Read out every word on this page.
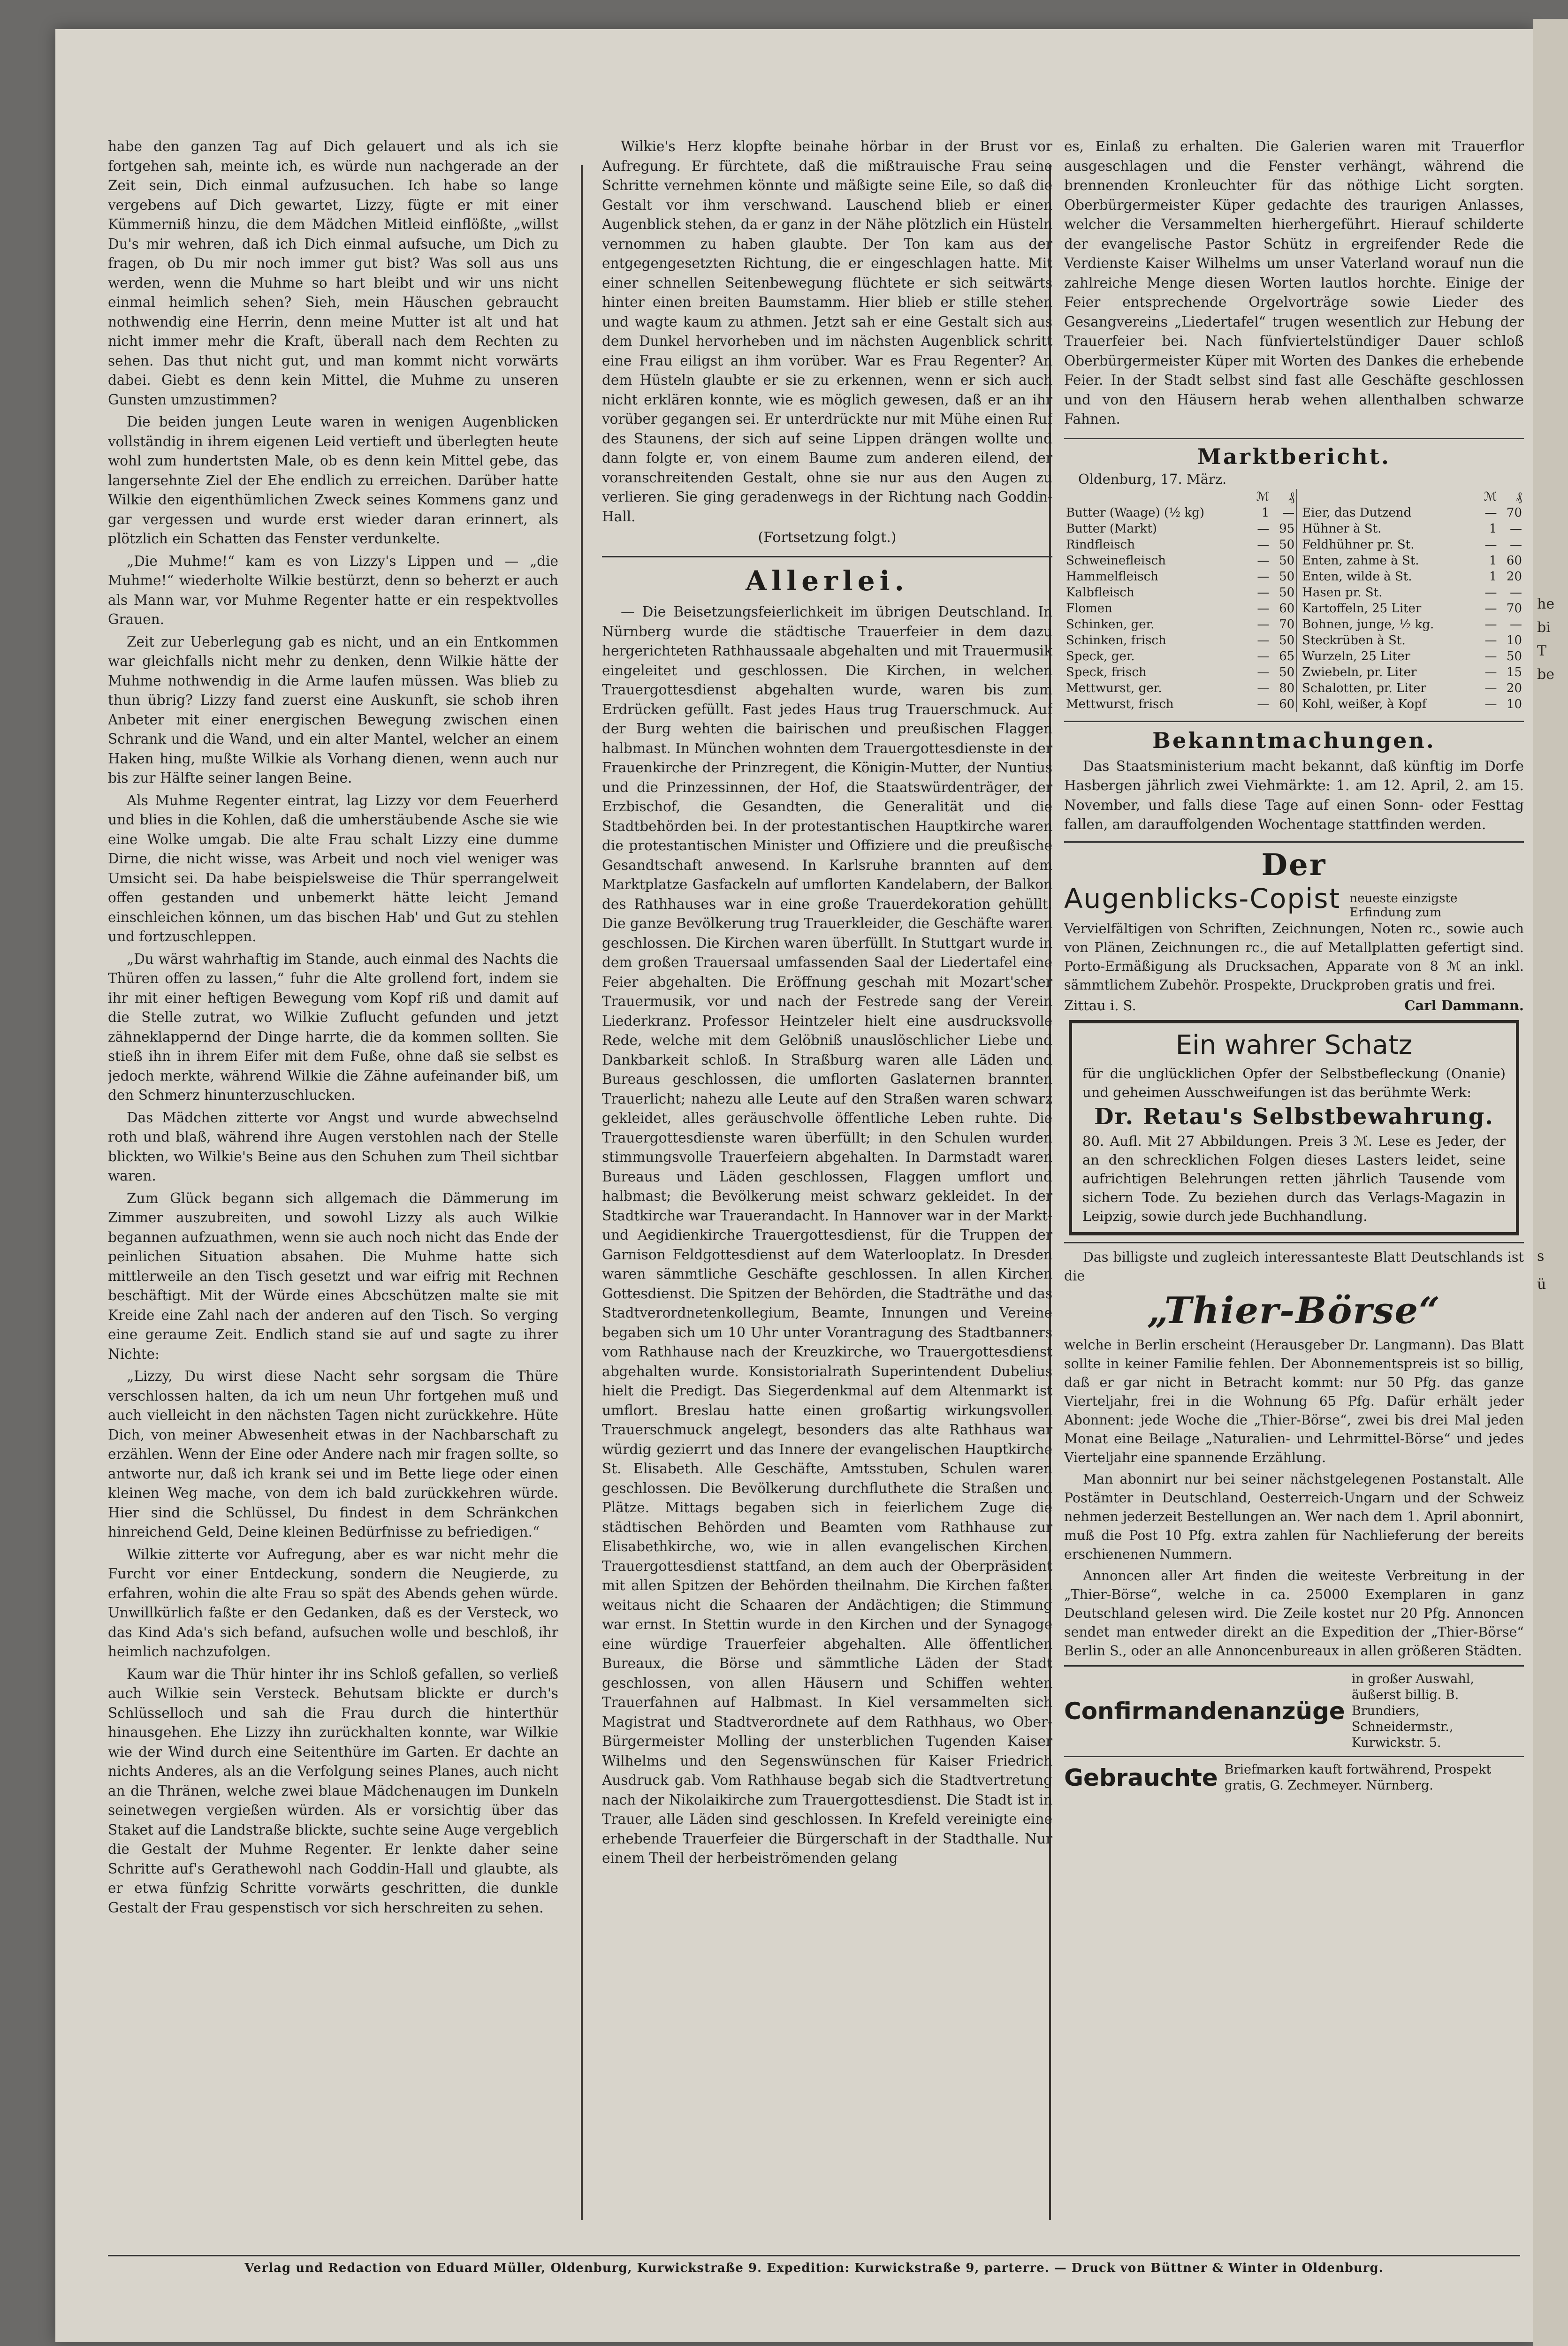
habe den ganzen Tag auf Dich gelauert und als ich sie fortgehen sah, meinte ich, es würde nun nachgerade an der Zeit sein, Dich einmal aufzusuchen. Ich habe so lange vergebens auf Dich gewartet, Lizzy, fügte er mit einer Kümmerniß hinzu, die dem Mädchen Mitleid einflößte, „willst Du's mir wehren, daß ich Dich einmal aufsuche, um Dich zu fragen, ob Du mir noch immer gut bist? Was soll aus uns werden, wenn die Muhme so hart bleibt und wir uns nicht einmal heimlich sehen? Sieh, mein Häuschen gebraucht nothwendig eine Herrin, denn meine Mutter ist alt und hat nicht immer mehr die Kraft, überall nach dem Rechten zu sehen. Das thut nicht gut, und man kommt nicht vorwärts dabei. Giebt es denn kein Mittel, die Muhme zu unseren Gunsten umzustimmen?

Die beiden jungen Leute waren in wenigen Augenblicken vollständig in ihrem eigenen Leid vertieft und überlegten heute wohl zum hundertsten Male, ob es denn kein Mittel gebe, das langersehnte Ziel der Ehe endlich zu erreichen. Darüber hatte Wilkie den eigenthümlichen Zweck seines Kommens ganz und gar vergessen und wurde erst wieder daran erinnert, als plötzlich ein Schatten das Fenster verdunkelte.

„Die Muhme!“ kam es von Lizzy's Lippen und — „die Muhme!“ wiederholte Wilkie bestürzt, denn so beherzt er auch als Mann war, vor Muhme Regenter hatte er ein respektvolles Grauen.

Zeit zur Ueberlegung gab es nicht, und an ein Entkommen war gleichfalls nicht mehr zu denken, denn Wilkie hätte der Muhme nothwendig in die Arme laufen müssen. Was blieb zu thun übrig? Lizzy fand zuerst eine Auskunft, sie schob ihren Anbeter mit einer energischen Bewegung zwischen einen Schrank und die Wand, und ein alter Mantel, welcher an einem Haken hing, mußte Wilkie als Vorhang dienen, wenn auch nur bis zur Hälfte seiner langen Beine.

Als Muhme Regenter eintrat, lag Lizzy vor dem Feuerherd und blies in die Kohlen, daß die umherstäubende Asche sie wie eine Wolke umgab. Die alte Frau schalt Lizzy eine dumme Dirne, die nicht wisse, was Arbeit und noch viel weniger was Umsicht sei. Da habe beispielsweise die Thür sperrangelweit offen gestanden und unbemerkt hätte leicht Jemand einschleichen können, um das bischen Hab' und Gut zu stehlen und fortzuschleppen.

„Du wärst wahrhaftig im Stande, auch einmal des Nachts die Thüren offen zu lassen,“ fuhr die Alte grollend fort, indem sie ihr mit einer heftigen Bewegung vom Kopf riß und damit auf die Stelle zutrat, wo Wilkie Zuflucht gefunden und jetzt zähneklappernd der Dinge harrte, die da kommen sollten. Sie stieß ihn in ihrem Eifer mit dem Fuße, ohne daß sie selbst es jedoch merkte, während Wilkie die Zähne aufeinander biß, um den Schmerz hinunterzuschlucken.

Das Mädchen zitterte vor Angst und wurde abwechselnd roth und blaß, während ihre Augen verstohlen nach der Stelle blickten, wo Wilkie's Beine aus den Schuhen zum Theil sichtbar waren.

Zum Glück begann sich allgemach die Dämmerung im Zimmer auszubreiten, und sowohl Lizzy als auch Wilkie begannen aufzuathmen, wenn sie auch noch nicht das Ende der peinlichen Situation absahen. Die Muhme hatte sich mittlerweile an den Tisch gesetzt und war eifrig mit Rechnen beschäftigt. Mit der Würde eines Abcschützen malte sie mit Kreide eine Zahl nach der anderen auf den Tisch. So verging eine geraume Zeit. Endlich stand sie auf und sagte zu ihrer Nichte:

„Lizzy, Du wirst diese Nacht sehr sorgsam die Thüre verschlossen halten, da ich um neun Uhr fortgehen muß und auch vielleicht in den nächsten Tagen nicht zurückkehre. Hüte Dich, von meiner Abwesenheit etwas in der Nachbarschaft zu erzählen. Wenn der Eine oder Andere nach mir fragen sollte, so antworte nur, daß ich krank sei und im Bette liege oder einen kleinen Weg mache, von dem ich bald zurückkehren würde. Hier sind die Schlüssel, Du findest in dem Schränkchen hinreichend Geld, Deine kleinen Bedürfnisse zu befriedigen.“

Wilkie zitterte vor Aufregung, aber es war nicht mehr die Furcht vor einer Entdeckung, sondern die Neugierde, zu erfahren, wohin die alte Frau so spät des Abends gehen würde. Unwillkürlich faßte er den Gedanken, daß es der Versteck, wo das Kind Ada's sich befand, aufsuchen wolle und beschloß, ihr heimlich nachzufolgen.

Kaum war die Thür hinter ihr ins Schloß gefallen, so verließ auch Wilkie sein Versteck. Behutsam blickte er durch's Schlüsselloch und sah die Frau durch die hinterthür hinausgehen. Ehe Lizzy ihn zurückhalten konnte, war Wilkie wie der Wind durch eine Seitenthüre im Garten. Er dachte an nichts Anderes, als an die Verfolgung seines Planes, auch nicht an die Thränen, welche zwei blaue Mädchenaugen im Dunkeln seinetwegen vergießen würden. Als er vorsichtig über das Staket auf die Landstraße blickte, suchte seine Auge vergeblich die Gestalt der Muhme Regenter. Er lenkte daher seine Schritte auf's Gerathewohl nach Goddin-Hall und glaubte, als er etwa fünfzig Schritte vorwärts geschritten, die dunkle Gestalt der Frau gespenstisch vor sich herschreiten zu sehen.

Wilkie's Herz klopfte beinahe hörbar in der Brust vor Aufregung. Er fürchtete, daß die mißtrauische Frau seine Schritte vernehmen könnte und mäßigte seine Eile, so daß die Gestalt vor ihm verschwand. Lauschend blieb er einen Augenblick stehen, da er ganz in der Nähe plötzlich ein Hüsteln vernommen zu haben glaubte. Der Ton kam aus der entgegengesetzten Richtung, die er eingeschlagen hatte. Mit einer schnellen Seitenbewegung flüchtete er sich seitwärts hinter einen breiten Baumstamm. Hier blieb er stille stehen und wagte kaum zu athmen. Jetzt sah er eine Gestalt sich aus dem Dunkel hervorheben und im nächsten Augenblick schritt eine Frau eiligst an ihm vorüber. War es Frau Regenter? An dem Hüsteln glaubte er sie zu erkennen, wenn er sich auch nicht erklären konnte, wie es möglich gewesen, daß er an ihr vorüber gegangen sei. Er unterdrückte nur mit Mühe einen Ruf des Staunens, der sich auf seine Lippen drängen wollte und dann folgte er, von einem Baume zum anderen eilend, der voranschreitenden Gestalt, ohne sie nur aus den Augen zu verlieren. Sie ging geradenwegs in der Richtung nach Goddin-Hall.

(Fortsetzung folgt.)
Allerlei.

— Die Beisetzungsfeierlichkeit im übrigen Deutschland. In Nürnberg wurde die städtische Trauerfeier in dem dazu hergerichteten Rathhaussaale abgehalten und mit Trauermusik eingeleitet und geschlossen. Die Kirchen, in welchen Trauergottesdienst abgehalten wurde, waren bis zum Erdrücken gefüllt. Fast jedes Haus trug Trauerschmuck. Auf der Burg wehten die bairischen und preußischen Flaggen halbmast. In München wohnten dem Trauergottesdienste in der Frauenkirche der Prinzregent, die Königin-Mutter, der Nuntius und die Prinzessinnen, der Hof, die Staatswürdenträger, der Erzbischof, die Gesandten, die Generalität und die Stadtbehörden bei. In der protestantischen Hauptkirche waren die protestantischen Minister und Offiziere und die preußische Gesandtschaft anwesend. In Karlsruhe brannten auf dem Marktplatze Gasfackeln auf umflorten Kandelabern, der Balkon des Rathhauses war in eine große Trauerdekoration gehüllt. Die ganze Bevölkerung trug Trauerkleider, die Geschäfte waren geschlossen. Die Kirchen waren überfüllt. In Stuttgart wurde in dem großen Trauersaal umfassenden Saal der Liedertafel eine Feier abgehalten. Die Eröffnung geschah mit Mozart'scher Trauermusik, vor und nach der Festrede sang der Verein Liederkranz. Professor Heintzeler hielt eine ausdrucksvolle Rede, welche mit dem Gelöbniß unauslöschlicher Liebe und Dankbarkeit schloß. In Straßburg waren alle Läden und Bureaus geschlossen, die umflorten Gaslaternen brannten Trauerlicht; nahezu alle Leute auf den Straßen waren schwarz gekleidet, alles geräuschvolle öffentliche Leben ruhte. Die Trauergottesdienste waren überfüllt; in den Schulen wurden stimmungsvolle Trauerfeiern abgehalten. In Darmstadt waren Bureaus und Läden geschlossen, Flaggen umflort und halbmast; die Bevölkerung meist schwarz gekleidet. In der Stadtkirche war Trauerandacht. In Hannover war in der Markt- und Aegidienkirche Trauergottesdienst, für die Truppen der Garnison Feldgottesdienst auf dem Waterlooplatz. In Dresden waren sämmtliche Geschäfte geschlossen. In allen Kirchen Gottesdienst. Die Spitzen der Behörden, die Stadträthe und das Stadtverordnetenkollegium, Beamte, Innungen und Vereine begaben sich um 10 Uhr unter Vorantragung des Stadtbanners vom Rathhause nach der Kreuzkirche, wo Trauergottesdienst abgehalten wurde. Konsistorialrath Superintendent Dubelius hielt die Predigt. Das Siegerdenkmal auf dem Altenmarkt ist umflort. Breslau hatte einen großartig wirkungsvollen Trauerschmuck angelegt, besonders das alte Rathhaus war würdig gezierrt und das Innere der evangelischen Hauptkirche St. Elisabeth. Alle Geschäfte, Amtsstuben, Schulen waren geschlossen. Die Bevölkerung durchfluthete die Straßen und Plätze. Mittags begaben sich in feierlichem Zuge die städtischen Behörden und Beamten vom Rathhause zur Elisabethkirche, wo, wie in allen evangelischen Kirchen, Trauergottesdienst stattfand, an dem auch der Oberpräsident mit allen Spitzen der Behörden theilnahm. Die Kirchen faßten weitaus nicht die Schaaren der Andächtigen; die Stimmung war ernst. In Stettin wurde in den Kirchen und der Synagoge eine würdige Trauerfeier abgehalten. Alle öffentlichen Bureaux, die Börse und sämmtliche Läden der Stadt geschlossen, von allen Häusern und Schiffen wehten Trauerfahnen auf Halbmast. In Kiel versammelten sich Magistrat und Stadtverordnete auf dem Rathhaus, wo Ober-Bürgermeister Molling der unsterblichen Tugenden Kaiser Wilhelms und den Segenswünschen für Kaiser Friedrich Ausdruck gab. Vom Rathhause begab sich die Stadtvertretung nach der Nikolaikirche zum Trauergottesdienst. Die Stadt ist in Trauer, alle Läden sind geschlossen. In Krefeld vereinigte eine erhebende Trauerfeier die Bürgerschaft in der Stadthalle. Nur einem Theil der herbeiströmenden gelang

es, Einlaß zu erhalten. Die Galerien waren mit Trauerflor ausgeschlagen und die Fenster verhängt, während die brennenden Kronleuchter für das nöthige Licht sorgten. Oberbürgermeister Küper gedachte des traurigen Anlasses, welcher die Versammelten hierhergeführt. Hierauf schilderte der evangelische Pastor Schütz in ergreifender Rede die Verdienste Kaiser Wilhelms um unser Vaterland worauf nun die zahlreiche Menge diesen Worten lautlos horchte. Einige der Feier entsprechende Orgelvorträge sowie Lieder des Gesangvereins „Liedertafel“ trugen wesentlich zur Hebung der Trauerfeier bei. Nach fünfviertelstündiger Dauer schloß Oberbürgermeister Küper mit Worten des Dankes die erhebende Feier. In der Stadt selbst sind fast alle Geschäfte geschlossen und von den Häusern herab wehen allenthalben schwarze Fahnen.

Marktbericht.
Oldenburg, 17. März.
	ℳ	₰			ℳ	₰
Butter (Waage) (½ kg)	1	—		Eier, das Dutzend	—	70
Butter (Markt)	—	95		Hühner à St.	1	—
Rindfleisch	—	50		Feldhühner pr. St.	—	—
Schweinefleisch	—	50		Enten, zahme à St.	1	60
Hammelfleisch	—	50		Enten, wilde à St.	1	20
Kalbfleisch	—	50		Hasen pr. St.	—	—
Flomen	—	60		Kartoffeln, 25 Liter	—	70
Schinken, ger.	—	70		Bohnen, junge, ½ kg.	—	—
Schinken, frisch	—	50		Steckrüben à St.	—	10
Speck, ger.	—	65		Wurzeln, 25 Liter	—	50
Speck, frisch	—	50		Zwiebeln, pr. Liter	—	15
Mettwurst, ger.	—	80		Schalotten, pr. Liter	—	20
Mettwurst, frisch	—	60		Kohl, weißer, à Kopf	—	10
Bekanntmachungen.

Das Staatsministerium macht bekannt, daß künftig im Dorfe Hasbergen jährlich zwei Viehmärkte: 1. am 12. April, 2. am 15. November, und falls diese Tage auf einen Sonn- oder Festtag fallen, am darauffolgenden Wochentage stattfinden werden.

Der
Augenblicks-Copist neueste einzigste Erfindung zum

Vervielfältigen von Schriften, Zeichnungen, Noten rc., sowie auch von Plänen, Zeichnungen rc., die auf Metallplatten gefertigt sind. Porto-Ermäßigung als Drucksachen, Apparate von 8 ℳ an inkl. sämmtlichem Zubehör. Prospekte, Druckproben gratis und frei.

Zittau i. S.	Carl Dammann.
Ein wahrer Schatz
für die unglücklichen Opfer der Selbstbefleckung (Onanie) und geheimen Ausschweifungen ist das berühmte Werk:
Dr. Retau's Selbstbewahrung.
80. Aufl. Mit 27 Abbildungen. Preis 3 ℳ. Lese es Jeder, der an den schrecklichen Folgen dieses Lasters leidet, seine aufrichtigen Belehrungen retten jährlich Tausende vom sichern Tode. Zu beziehen durch das Verlags-Magazin in Leipzig, sowie durch jede Buchhandlung.

Das billigste und zugleich interessanteste Blatt Deutschlands ist die

„Thier-Börse“

welche in Berlin erscheint (Herausgeber Dr. Langmann). Das Blatt sollte in keiner Familie fehlen. Der Abonnementspreis ist so billig, daß er gar nicht in Betracht kommt: nur 50 Pfg. das ganze Vierteljahr, frei in die Wohnung 65 Pfg. Dafür erhält jeder Abonnent: jede Woche die „Thier-Börse“, zwei bis drei Mal jeden Monat eine Beilage „Naturalien- und Lehrmittel-Börse“ und jedes Vierteljahr eine spannende Erzählung.

Man abonnirt nur bei seiner nächstgelegenen Postanstalt. Alle Postämter in Deutschland, Oesterreich-Ungarn und der Schweiz nehmen jederzeit Bestellungen an. Wer nach dem 1. April abonnirt, muß die Post 10 Pfg. extra zahlen für Nachlieferung der bereits erschienenen Nummern.

Annoncen aller Art finden die weiteste Verbreitung in der „Thier-Börse“, welche in ca. 25000 Exemplaren in ganz Deutschland gelesen wird. Die Zeile kostet nur 20 Pfg. Annoncen sendet man entweder direkt an die Expedition der „Thier-Börse“ Berlin S., oder an alle Annoncenbureaux in allen größeren Städten.

Confirmandenanzüge
in großer Auswahl, äußerst billig. B. Brundiers, Schneidermstr., Kurwickstr. 5.
Gebrauchte Briefmarken kauft fortwährend, Prospekt gratis, G. Zechmeyer. Nürnberg.
Verlag und Redaction von Eduard Müller, Oldenburg, Kurwickstraße 9. Expedition: Kurwickstraße 9, parterre. — Druck von Büttner & Winter in Oldenburg.
he
bi
T
be
s
ü
